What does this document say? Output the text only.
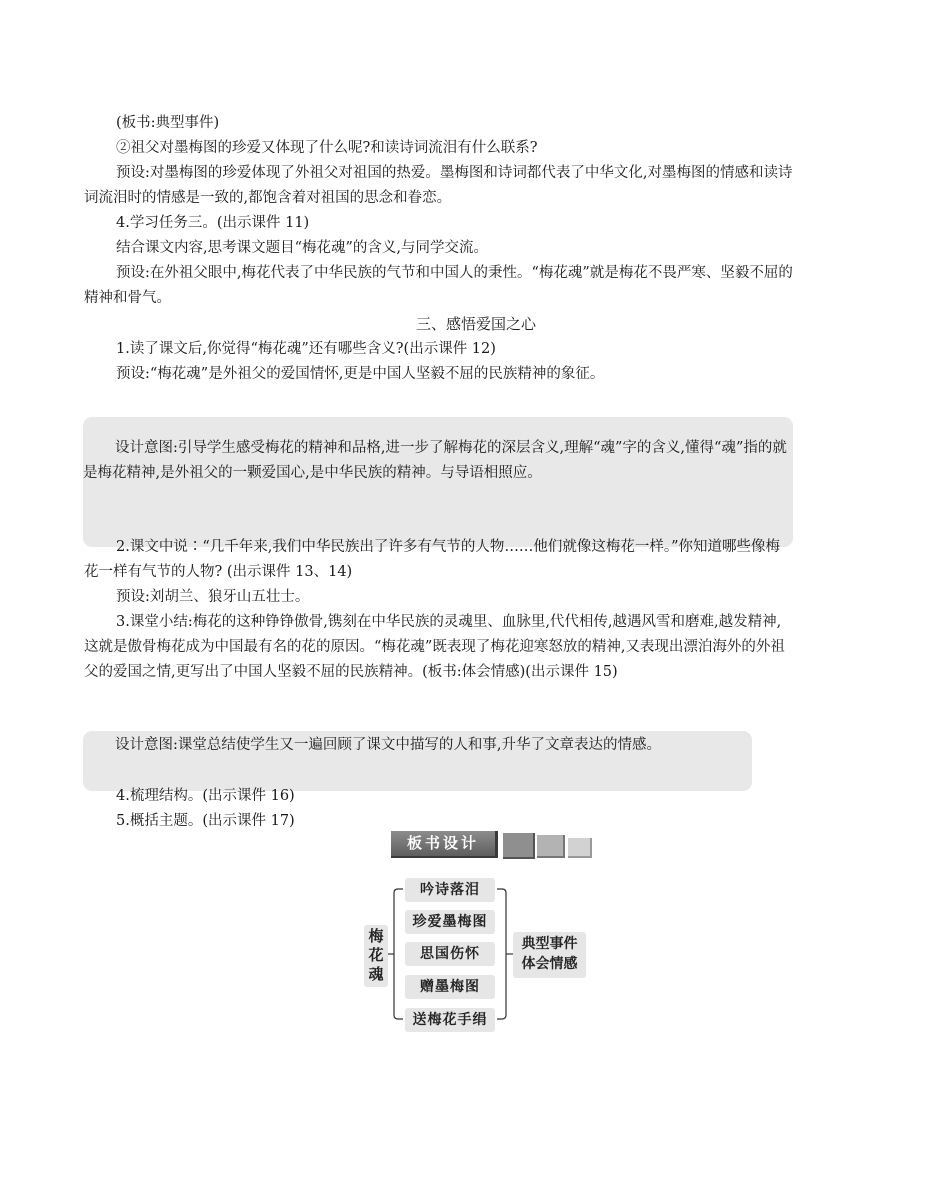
(板书:典型事件)
②祖父对墨梅图的珍爱又体现了什么呢?和读诗词流泪有什么联系?
预设:对墨梅图的珍爱体现了外祖父对祖国的热爱。墨梅图和诗词都代表了中华文化,对墨梅图的情感和读诗
词流泪时的情感是一致的,都饱含着对祖国的思念和眷恋。
4.学习任务三。(出示课件 11)
结合课文内容,思考课文题目“梅花魂”的含义,与同学交流。
预设:在外祖父眼中,梅花代表了中华民族的气节和中国人的秉性。“梅花魂”就是梅花不畏严寒、坚毅不屈的
精神和骨气。
三、感悟爱国之心
1.读了课文后,你觉得“梅花魂”还有哪些含义?(出示课件 12)
预设:“梅花魂”是外祖父的爱国情怀,更是中国人坚毅不屈的民族精神的象征。
设计意图:引导学生感受梅花的精神和品格,进一步了解梅花的深层含义,理解“魂”字的含义,懂得“魂”指的就
是梅花精神,是外祖父的一颗爱国心,是中华民族的精神。与导语相照应。
2.课文中说∶“几千年来,我们中华民族出了许多有气节的人物……他们就像这梅花一样。”你知道哪些像梅
花一样有气节的人物? (出示课件 13、14)
预设:刘胡兰、狼牙山五壮士。
3.课堂小结:梅花的这种铮铮傲骨,镌刻在中华民族的灵魂里、血脉里,代代相传,越遇风雪和磨难,越发精神,
这就是傲骨梅花成为中国最有名的花的原因。“梅花魂”既表现了梅花迎寒怒放的精神,又表现出漂泊海外的外祖
父的爱国之情,更写出了中国人坚毅不屈的民族精神。(板书:体会情感)(出示课件 15)
设计意图:课堂总结使学生又一遍回顾了课文中描写的人和事,升华了文章表达的情感。
4.梳理结构。(出示课件 16)
5.概括主题。(出示课件 17)
板书设计
梅
花
魂
吟诗落泪
珍爱墨梅图
思国伤怀
赠墨梅图
送梅花手绢
典型事件
体会情感
